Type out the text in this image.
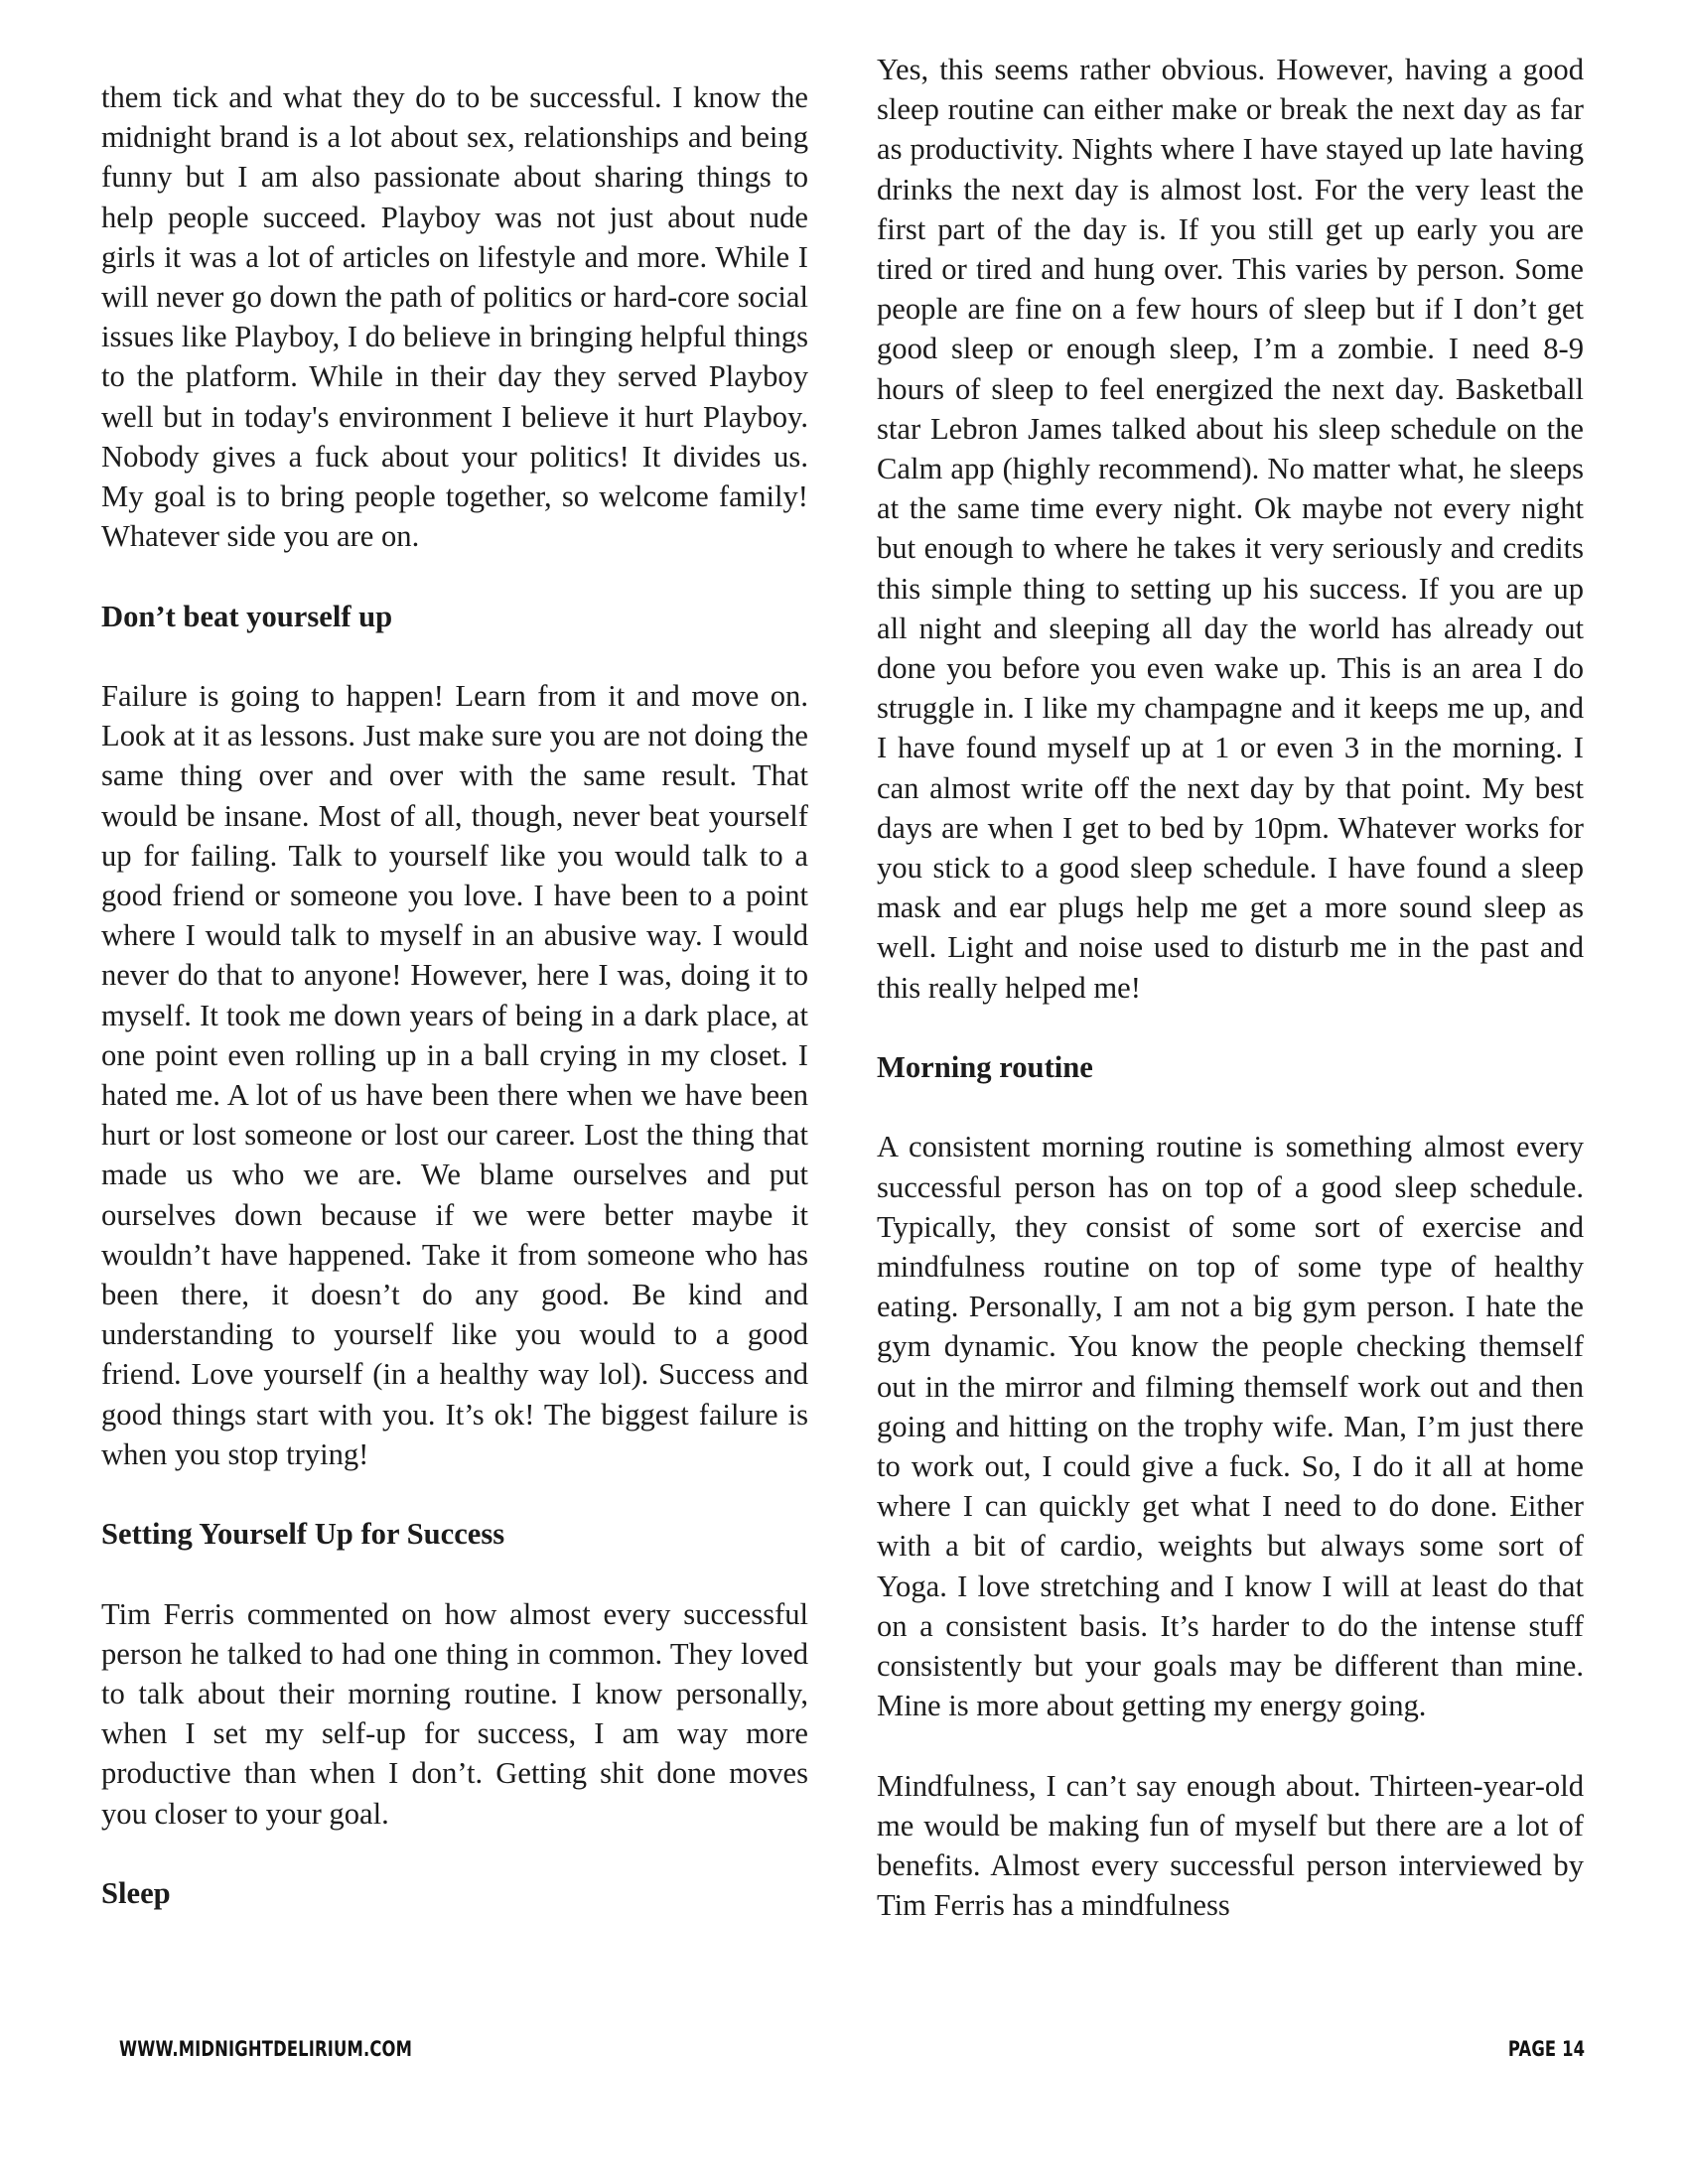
them tick and what they do to be successful. I know the midnight brand is a lot about sex, relationships and being funny but I am also passionate about sharing things to help people succeed. Playboy was not just about nude girls it was a lot of articles on lifestyle and more. While I will never go down the path of politics or hard-core social issues like Playboy, I do believe in bringing helpful things to the platform. While in their day they served Playboy well but in today's environment I believe it hurt Playboy. Nobody gives a fuck about your politics! It divides us. My goal is to bring people together, so welcome family! Whatever side you are on.

Don’t beat yourself up

Failure is going to happen! Learn from it and move on. Look at it as lessons. Just make sure you are not doing the same thing over and over with the same result. That would be insane. Most of all, though, never beat yourself up for failing. Talk to yourself like you would talk to a good friend or someone you love. I have been to a point where I would talk to myself in an abusive way. I would never do that to anyone! However, here I was, doing it to myself. It took me down years of being in a dark place, at one point even rolling up in a ball crying in my closet. I hated me. A lot of us have been there when we have been hurt or lost someone or lost our career. Lost the thing that made us who we are. We blame ourselves and put ourselves down because if we were better maybe it wouldn’t have happened. Take it from someone who has been there, it doesn’t do any good. Be kind and understanding to yourself like you would to a good friend. Love yourself (in a healthy way lol). Success and good things start with you. It’s ok! The biggest failure is when you stop trying!

Setting Yourself Up for Success

Tim Ferris commented on how almost every successful person he talked to had one thing in common. They loved to talk about their morning routine. I know personally, when I set my self-up for success, I am way more productive than when I don’t. Getting shit done moves you closer to your goal.

Sleep

Yes, this seems rather obvious. However, having a good sleep routine can either make or break the next day as far as productivity. Nights where I have stayed up late having drinks the next day is almost lost. For the very least the first part of the day is. If you still get up early you are tired or tired and hung over. This varies by person. Some people are fine on a few hours of sleep but if I don’t get good sleep or enough sleep, I’m a zombie. I need 8-9 hours of sleep to feel energized the next day. Basketball star Lebron James talked about his sleep schedule on the Calm app (highly recommend). No matter what, he sleeps at the same time every night. Ok maybe not every night but enough to where he takes it very seriously and credits this simple thing to setting up his success. If you are up all night and sleeping all day the world has already out done you before you even wake up. This is an area I do struggle in. I like my champagne and it keeps me up, and I have found myself up at 1 or even 3 in the morning. I can almost write off the next day by that point. My best days are when I get to bed by 10pm. Whatever works for you stick to a good sleep schedule. I have found a sleep mask and ear plugs help me get a more sound sleep as well. Light and noise used to disturb me in the past and this really helped me!

Morning routine

A consistent morning routine is something almost every successful person has on top of a good sleep schedule. Typically, they consist of some sort of exercise and mindfulness routine on top of some type of healthy eating. Personally, I am not a big gym person. I hate the gym dynamic. You know the people checking themself out in the mirror and filming themself work out and then going and hitting on the trophy wife. Man, I’m just there to work out, I could give a fuck. So, I do it all at home where I can quickly get what I need to do done. Either with a bit of cardio, weights but always some sort of Yoga. I love stretching and I know I will at least do that on a consistent basis. It’s harder to do the intense stuff consistently but your goals may be different than mine. Mine is more about getting my energy going.

Mindfulness, I can’t say enough about. Thirteen-year-old me would be making fun of myself but there are a lot of benefits. Almost every successful person interviewed by Tim Ferris has a mindfulness

WWW.MIDNIGHTDELIRIUM.COM	PAGE 14
